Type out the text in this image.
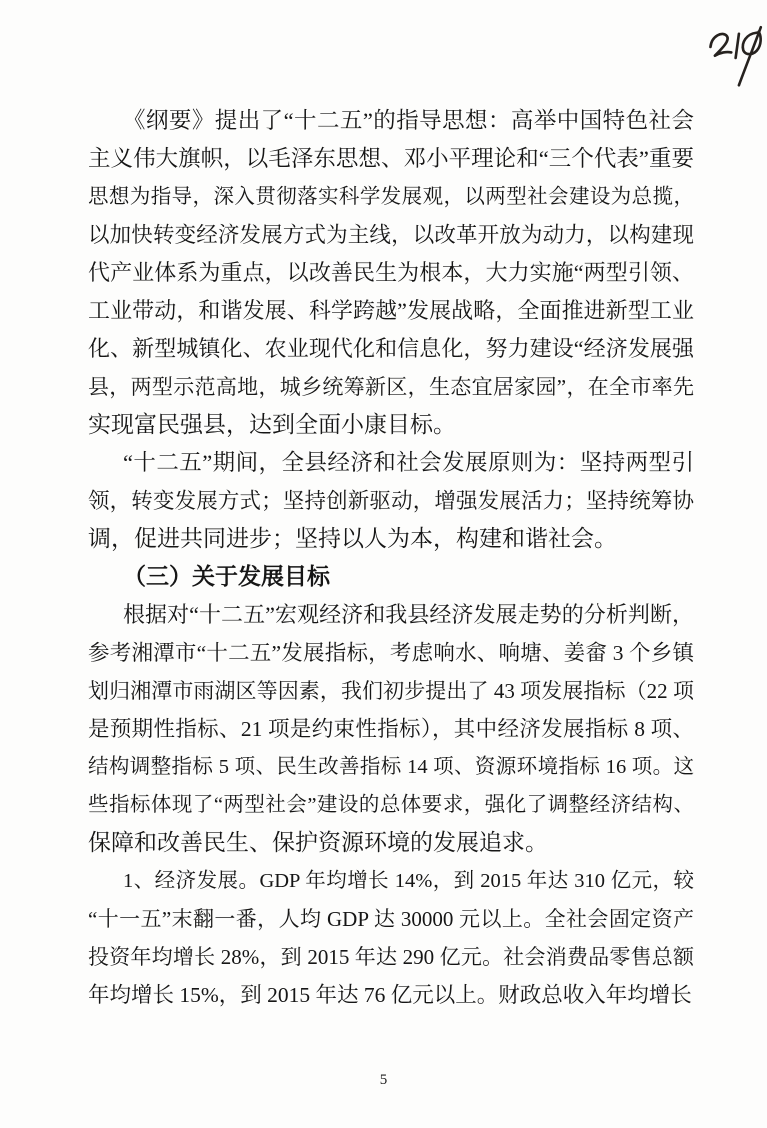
《纲要》提出了“十二五”的指导思想：高举中国特色社会
主义伟大旗帜，以毛泽东思想、邓小平理论和“三个代表”重要
思想为指导，深入贯彻落实科学发展观，以两型社会建设为总揽，
以加快转变经济发展方式为主线，以改革开放为动力，以构建现
代产业体系为重点，以改善民生为根本，大力实施“两型引领、
工业带动，和谐发展、科学跨越”发展战略，全面推进新型工业
化、新型城镇化、农业现代化和信息化，努力建设“经济发展强
县，两型示范高地，城乡统筹新区，生态宜居家园”，在全市率先
实现富民强县，达到全面小康目标。
“十二五”期间，全县经济和社会发展原则为：坚持两型引
领，转变发展方式；坚持创新驱动，增强发展活力；坚持统筹协
调，促进共同进步；坚持以人为本，构建和谐社会。
（三）关于发展目标
根据对“十二五”宏观经济和我县经济发展走势的分析判断，
参考湘潭市“十二五”发展指标，考虑响水、响塘、姜畲 3 个乡镇
划归湘潭市雨湖区等因素，我们初步提出了 43 项发展指标（22 项
是预期性指标、21 项是约束性指标），其中经济发展指标 8 项、
结构调整指标 5 项、民生改善指标 14 项、资源环境指标 16 项。这
些指标体现了“两型社会”建设的总体要求，强化了调整经济结构、
保障和改善民生、保护资源环境的发展追求。
1、经济发展。GDP 年均增长 14%，到 2015 年达 310 亿元，较
“十一五”末翻一番，人均 GDP 达 30000 元以上。全社会固定资产
投资年均增长 28%，到 2015 年达 290 亿元。社会消费品零售总额
年均增长 15%，到 2015 年达 76 亿元以上。财政总收入年均增长
5
